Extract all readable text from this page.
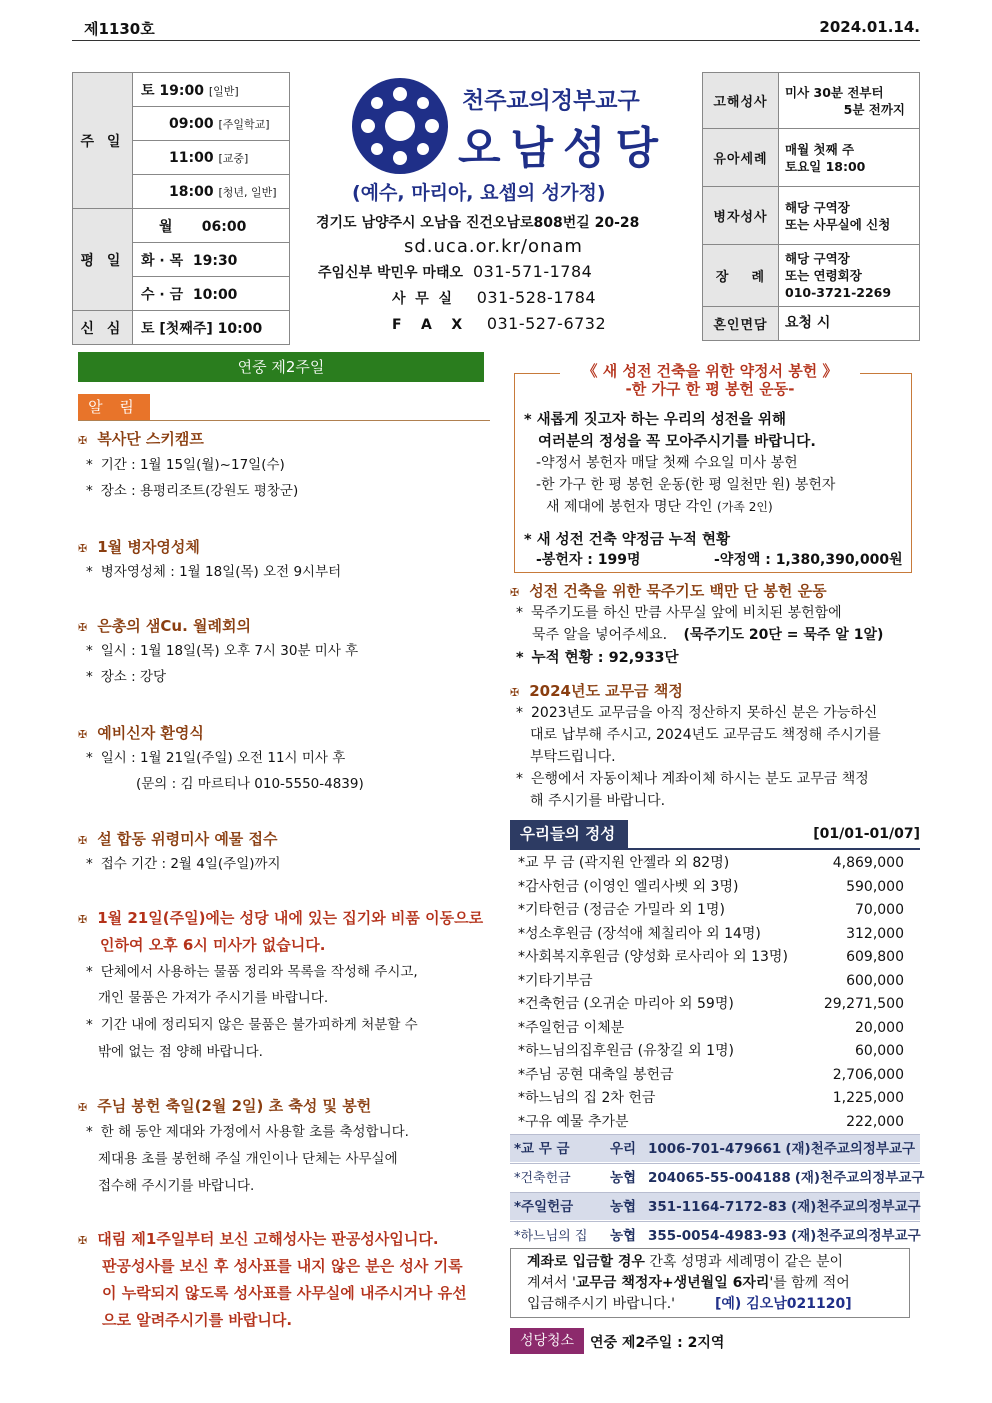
제1130호	2024.01.14.
주 일	토 19:00 [일반]
	09:00 [주일학교]
	11:00 [교중]
	18:00 [청년, 일반]
평 일	월      06:00
	화 · 목  19:30
	수 · 금  10:00
신 심	토 [첫째주] 10:00
천주교의정부교구
오남성당
(예수, 마리아, 요셉의 성가정)
경기도 남양주시 오남읍 진건오남로808번길 20-28
sd.uca.or.kr/onam
주임신부 박민우 마태오 031-571-1784
사  무  실 031-528-1784
F    A    X 031-527-6732
고해성사	미사 30분 전부터
5분 전까지

유아세례	매월 첫째 주
토요일 18:00

병자성사	해당 구역장
또는 사무실에 신청

장    례	해당 구역장
또는 연령회장
010-3721-2269

혼인면담	요청 시
연중 제2주일
알 림
✠ 복사단 스키캠프
* 기간 : 1월 15일(월)~17일(수)
* 장소 : 용평리조트(강원도 평창군)
✠ 1월 병자영성체
* 병자영성체 : 1월 18일(목) 오전 9시부터
✠ 은총의 샘Cu. 월례회의
* 일시 : 1월 18일(목) 오후 7시 30분 미사 후
* 장소 : 강당
✠ 예비신자 환영식
* 일시 : 1월 21일(주일) 오전 11시 미사 후
(문의 : 김 마르티나 010-5550-4839)
✠ 설 합동 위령미사 예물 접수
* 접수 기간 : 2월 4일(주일)까지
✠ 1월 21일(주일)에는 성당 내에 있는 집기와 비품 이동으로
인하여 오후 6시 미사가 없습니다.
* 단체에서 사용하는 물품 정리와 목록을 작성해 주시고,
개인 물품은 가져가 주시기를 바랍니다.
* 기간 내에 정리되지 않은 물품은 불가피하게 처분할 수
밖에 없는 점 양해 바랍니다.
✠ 주님 봉헌 축일(2월 2일) 초 축성 및 봉헌
* 한 해 동안 제대와 가정에서 사용할 초를 축성합니다.
제대용 초를 봉헌해 주실 개인이나 단체는 사무실에
접수해 주시기를 바랍니다.
✠ 대림 제1주일부터 보신 고해성사는 판공성사입니다.
판공성사를 보신 후 성사표를 내지 않은 분은 성사 기록
이 누락되지 않도록 성사표를 사무실에 내주시거나 유선
으로 알려주시기를 바랍니다.
《 새 성전 건축을 위한 약정서 봉헌 》
-한 가구 한 평 봉헌 운동-
* 새롭게 짓고자 하는 우리의 성전을 위해
여러분의 정성을 꼭 모아주시기를 바랍니다.
-약정서 봉헌자 매달 첫째 수요일 미사 봉헌
-한 가구 한 평 봉헌 운동(한 평 일천만 원) 봉헌자
새 제대에 봉헌자 명단 각인 (가족 2인)
* 새 성전 건축 약정금 누적 현황
-봉헌자 : 199명	-약정액 : 1,380,390,000원
✠ 성전 건축을 위한 묵주기도 백만 단 봉헌 운동
* 묵주기도를 하신 만큼 사무실 앞에 비치된 봉헌함에
묵주 알을 넣어주세요. (묵주기도 20단 = 묵주 알 1알)
* 누적 현황 : 92,933단
✠ 2024년도 교무금 책정
* 2023년도 교무금을 아직 정산하지 못하신 분은 가능하신
대로 납부해 주시고, 2024년도 교무금도 책정해 주시기를
부탁드립니다.
* 은행에서 자동이체나 계좌이체 하시는 분도 교무금 책정
해 주시기를 바랍니다.
우리들의 정성	[01/01-01/07]
*교 무 금 (곽지원 안젤라 외 82명)	4,869,000
*감사헌금 (이영인 엘리사벳 외 3명)	590,000
*기타헌금 (정금순 가밀라 외 1명)	70,000
*성소후원금 (장석애 체칠리아 외 14명)	312,000
*사회복지후원금 (양성화 로사리아 외 13명)	609,800
*기타기부금	600,000
*건축헌금 (오귀순 마리아 외 59명)	29,271,500
*주일헌금 이체분	20,000
*하느님의집후원금 (유창길 외 1명)	60,000
*주님 공현 대축일 봉헌금	2,706,000
*하느님의 집 2차 헌금	1,225,000
*구유 예물 추가분	222,000
*교 무 금	우리 1006-701-479661 (재)천주교의정부교구
*건축헌금	농협 204065-55-004188 (재)천주교의정부교구
*주일헌금	농협 351-1164-7172-83 (재)천주교의정부교구
*하느님의 집 농협 355-0054-4983-93 (재)천주교의정부교구
계좌로 입금할 경우 간혹 성명과 세례명이 같은 분이
계셔서 '교무금 책정자+생년월일 6자리'를 함께 적어
입금해주시기 바랍니다.'	[예) 김오남021120]
성당청소	연중 제2주일 : 2지역
